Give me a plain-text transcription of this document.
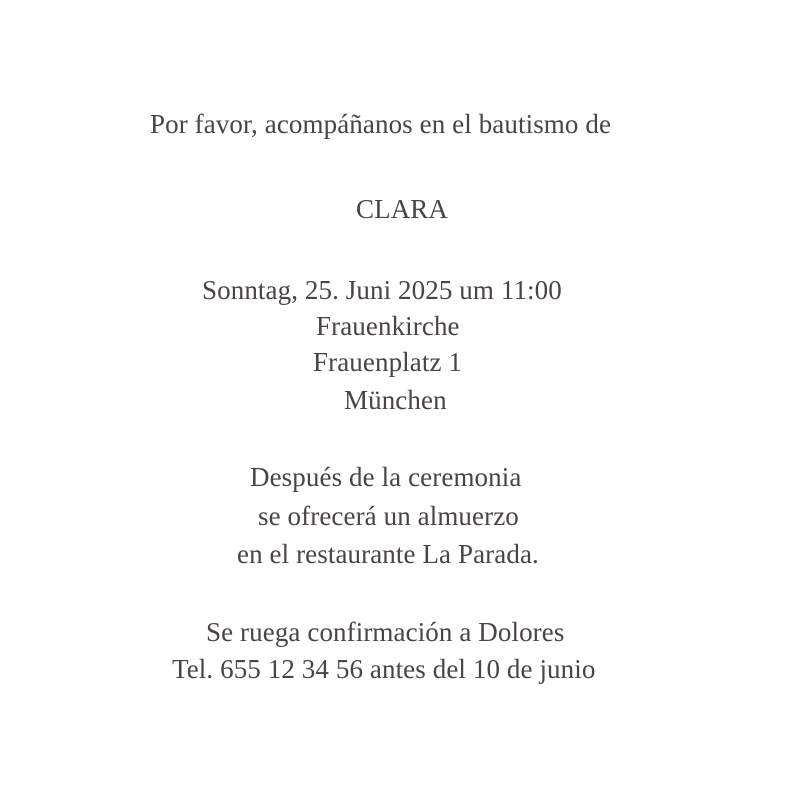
Por favor, acompáñanos en el bautismo de
CLARA
Sonntag, 25. Juni 2025 um 11:00
Frauenkirche
Frauenplatz 1
München
Después de la ceremonia
se ofrecerá un almuerzo
en el restaurante La Parada.
Se ruega confirmación a Dolores
Tel. 655 12 34 56 antes del 10 de junio
